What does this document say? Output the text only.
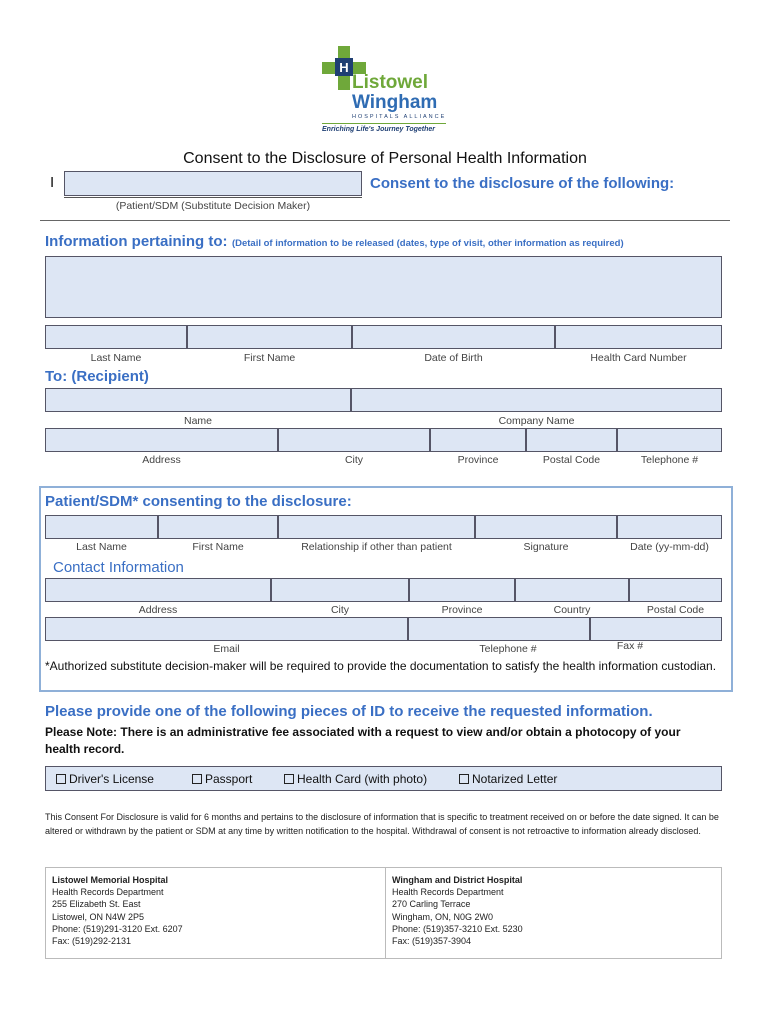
H
Listowel
Wingham
HOSPITALS ALLIANCE
Enriching Life's Journey Together
Consent to the Disclosure of Personal Health Information
I	Consent to the disclosure of the following:
(Patient/SDM (Substitute Decision Maker)
Information pertaining to: (Detail of information to be released (dates, type of visit, other information as required)
Last Name	First Name	Date of Birth	Health Card Number
To: (Recipient)
Name	Company Name
Address	City	Province	Postal Code	Telephone #
Patient/SDM* consenting to the disclosure:
Last Name	First Name	Relationship if other than patient	Signature	Date (yy-mm-dd)
Contact Information
Address	City	Province	Country	Postal Code
Email	Telephone #	Fax #
*Authorized substitute decision-maker will be required to provide the documentation to satisfy the health information custodian.
Please provide one of the following pieces of ID to receive the requested information.
Please Note: There is an administrative fee associated with a request to view and/or obtain a photocopy of your health record.
Driver's License	Passport	Health Card (with photo)	Notarized Letter
This Consent For Disclosure is valid for 6 months and pertains to the disclosure of information that is specific to treatment received on or before the date signed. It can be altered or withdrawn by the patient or SDM at any time by written notification to the hospital. Withdrawal of consent is not retroactive to information already disclosed.
Listowel Memorial Hospital
Health Records Department
255 Elizabeth St. East
Listowel, ON N4W 2P5
Phone: (519)291-3120 Ext. 6207
Fax: (519)292-2131
Wingham and District Hospital
Health Records Department
270 Carling Terrace
Wingham, ON, N0G 2W0
Phone: (519)357-3210 Ext. 5230
Fax: (519)357-3904
